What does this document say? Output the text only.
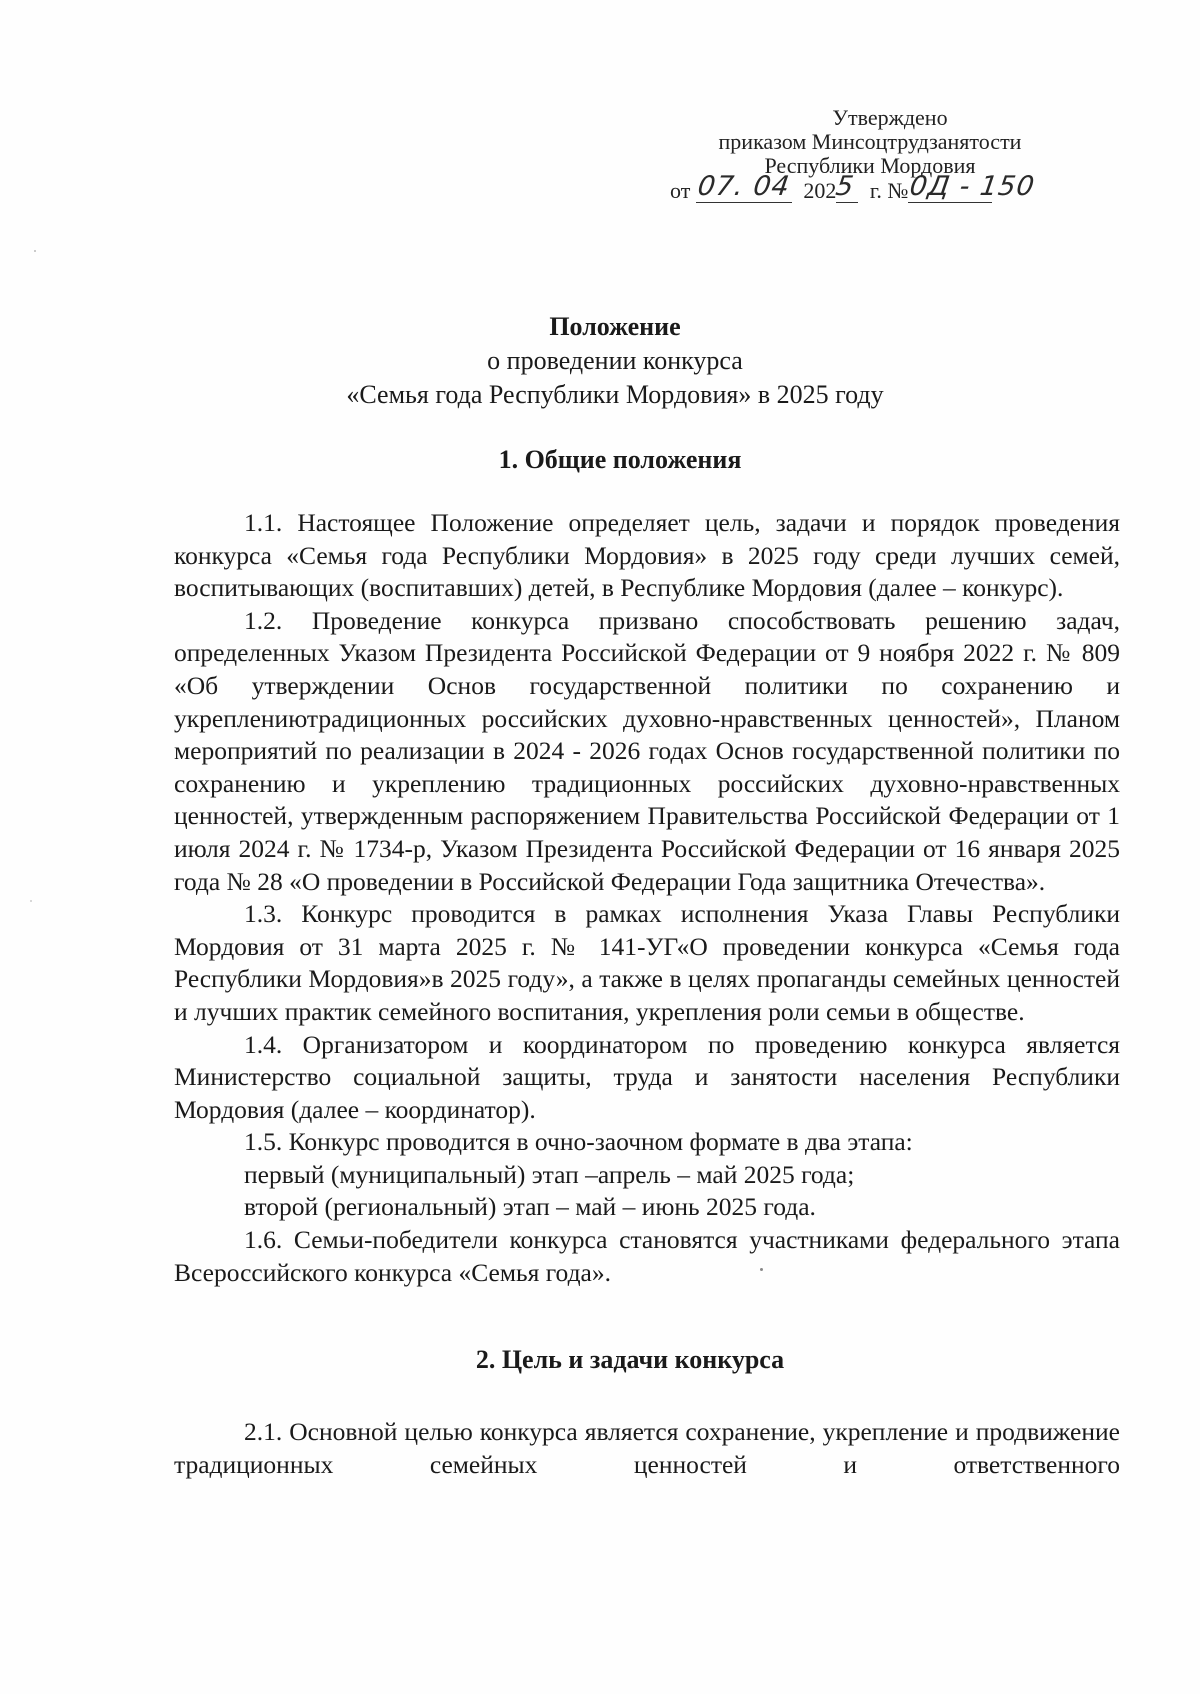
Утверждено
приказом Минсоцтрудзанятости
Республики Мордовия
от 07. 04 202
5 г. № 0Д - 150
Положение
о проведении конкурса
«Семья года Республики Мордовия» в 2025 году
1. Общие положения

1.1. Настоящее Положение определяет цель, задачи и порядок проведения конкурса «Семья года Республики Мордовия» в 2025 году среди лучших семей, воспитывающих (воспитавших) детей, в Республике Мордовия (далее – конкурс).

1.2. Проведение конкурса призвано способствовать решению задач, определенных Указом Президента Российской Федерации от 9 ноября 2022 г. № 809 «Об утверждении Основ государственной политики по сохранению и укреплениютрадиционных российских духовно-нравственных ценностей», Планом мероприятий по реализации в 2024 - 2026 годах Основ государственной политики по сохранению и укреплению традиционных российских духовно-нравственных ценностей, утвержденным распоряжением Правительства Российской Федерации от 1 июля 2024 г. № 1734-р, Указом Президента Российской Федерации от 16 января 2025 года № 28 «О проведении в Российской Федерации Года защитника Отечества».

1.3. Конкурс проводится в рамках исполнения Указа Главы Республики Мордовия от 31 марта 2025 г. № 141-УГ«О проведении конкурса «Семья года Республики Мордовия»в 2025 году», а также в целях пропаганды семейных ценностей и лучших практик семейного воспитания, укрепления роли семьи в обществе.

1.4. Организатором и координатором по проведению конкурса является Министерство социальной защиты, труда и занятости населения Республики Мордовия (далее – координатор).

1.5. Конкурс проводится в очно-заочном формате в два этапа:

первый (муниципальный) этап –апрель – май 2025 года;

второй (региональный) этап – май – июнь 2025 года.

1.6. Семьи-победители конкурса становятся участниками федерального этапа Всероссийского конкурса «Семья года».

2. Цель и задачи конкурса

2.1. Основной целью конкурса является сохранение, укрепление и продвижение традиционных семейных ценностей и ответственного
